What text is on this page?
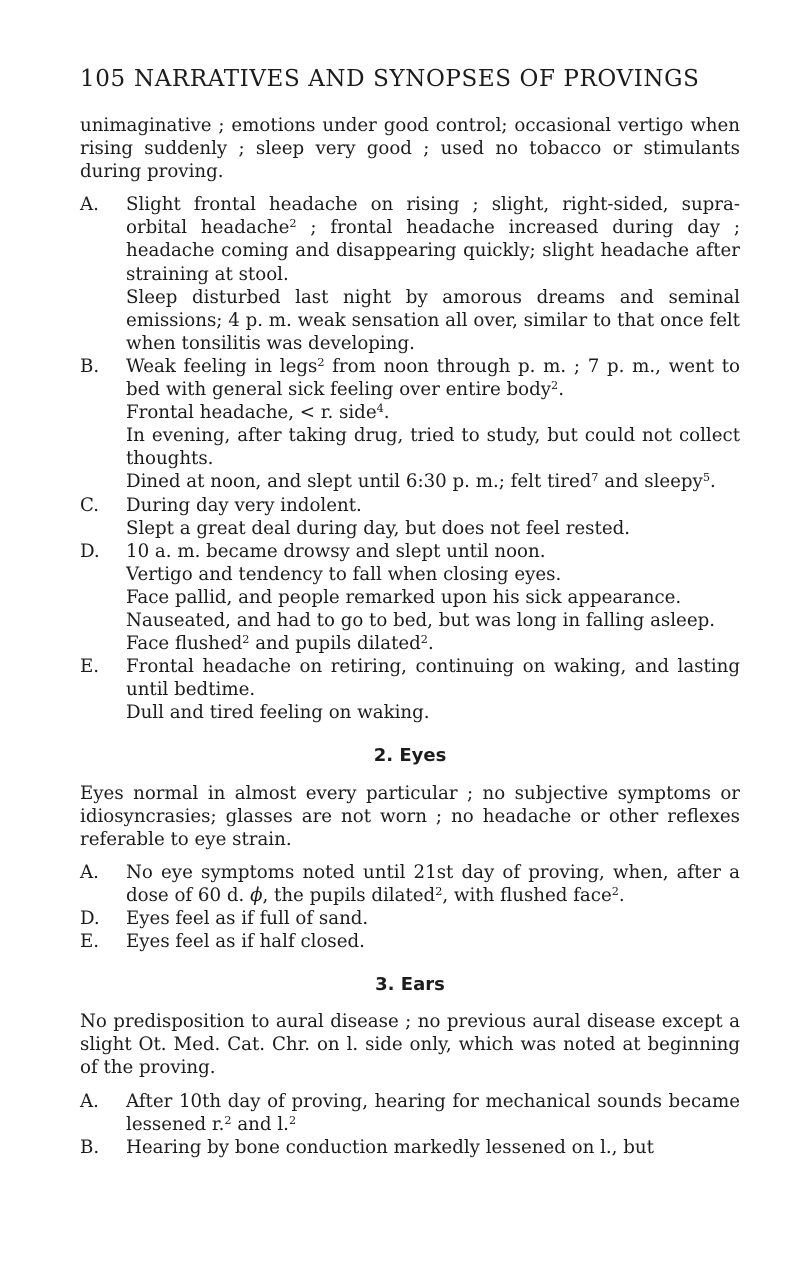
105 NARRATIVES AND SYNOPSES OF PROVINGS

unimaginative ; emotions under good control; occasional vertigo when rising suddenly ; sleep very good ; used no tobacco or stimulants during proving.

A.	Slight frontal headache on rising ; slight, right-sided, supra-orbital headache$^2$ ; frontal headache increased during day ; headache coming and disappearing quickly; slight headache after straining at stool.
Sleep disturbed last night by amorous dreams and seminal emissions; 4 p. m. weak sensation all over, similar to that once felt when tonsilitis was developing.
B.	Weak feeling in legs$^2$ from noon through p. m. ; 7 p. m., went to bed with general sick feeling over entire body$^2$.
Frontal headache, < r. side$^4$.
In evening, after taking drug, tried to study, but could not collect thoughts.
Dined at noon, and slept until 6:30 p. m.; felt tired$^7$ and sleepy$^5$.
C.	During day very indolent.
Slept a great deal during day, but does not feel rested.
D.	10 a. m. became drowsy and slept until noon.
Vertigo and tendency to fall when closing eyes.
Face pallid, and people remarked upon his sick appearance.
Nauseated, and had to go to bed, but was long in falling asleep.
Face flushed$^2$ and pupils dilated$^2$.
E.	Frontal headache on retiring, continuing on waking, and lasting until bedtime.
Dull and tired feeling on waking.
2. Eyes

Eyes normal in almost every particular ; no subjective symptoms or idiosyncrasies; glasses are not worn ; no headache or other reflexes referable to eye strain.

A.	No eye symptoms noted until 21st day of proving, when, after a dose of 60 d. ϕ, the pupils dilated$^2$, with flushed face$^2$.
D.	Eyes feel as if full of sand.
E.	Eyes feel as if half closed.
3. Ears

No predisposition to aural disease ; no previous aural disease except a slight Ot. Med. Cat. Chr. on l. side only, which was noted at beginning of the proving.

A.	After 10th day of proving, hearing for mechanical sounds became lessened r.$^2$ and l.$^2$
B.	Hearing by bone conduction markedly lessened on l., but
